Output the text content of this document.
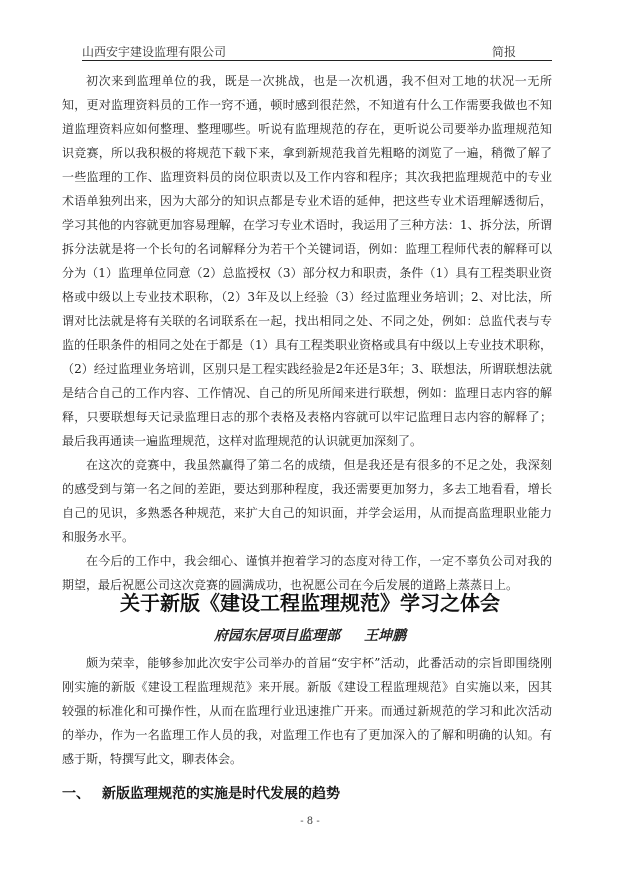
山西安宇建设监理有限公司	简报

初次来到监理单位的我，既是一次挑战，也是一次机遇，我不但对工地的状况一无所知，更对监理资料员的工作一窍不通，顿时感到很茫然，不知道有什么工作需要我做也不知道监理资料应如何整理、整理哪些。听说有监理规范的存在，更听说公司要举办监理规范知识竞赛，所以我积极的将规范下载下来，拿到新规范我首先粗略的浏览了一遍，稍微了解了一些监理的工作、监理资料员的岗位职责以及工作内容和程序；其次我把监理规范中的专业术语单独列出来，因为大部分的知识点都是专业术语的延伸，把这些专业术语理解透彻后，学习其他的内容就更加容易理解，在学习专业术语时，我运用了三种方法：1、拆分法，所谓拆分法就是将一个长句的名词解释分为若干个关键词语，例如：监理工程师代表的解释可以分为（1）监理单位同意（2）总监授权（3）部分权力和职责，条件（1）具有工程类职业资格或中级以上专业技术职称，（2）3年及以上经验（3）经过监理业务培训；2、对比法，所谓对比法就是将有关联的名词联系在一起，找出相同之处、不同之处，例如：总监代表与专监的任职条件的相同之处在于都是（1）具有工程类职业资格或具有中级以上专业技术职称，（2）经过监理业务培训，区别只是工程实践经验是2年还是3年；3、联想法，所谓联想法就是结合自己的工作内容、工作情况、自己的所见所闻来进行联想，例如：监理日志内容的解释，只要联想每天记录监理日志的那个表格及表格内容就可以牢记监理日志内容的解释了；最后我再通读一遍监理规范，这样对监理规范的认识就更加深刻了。

在这次的竞赛中，我虽然赢得了第二名的成绩，但是我还是有很多的不足之处，我深刻的感受到与第一名之间的差距，要达到那种程度，我还需要更加努力，多去工地看看，增长自己的见识，多熟悉各种规范，来扩大自己的知识面，并学会运用，从而提高监理职业能力和服务水平。

在今后的工作中，我会细心、谨慎并抱着学习的态度对待工作，一定不辜负公司对我的期望，最后祝愿公司这次竞赛的圆满成功，也祝愿公司在今后发展的道路上蒸蒸日上。

关于新版《建设工程监理规范》学习之体会
府园东居项目监理部 王坤鹏

颇为荣幸，能够参加此次安宇公司举办的首届“安宇杯”活动，此番活动的宗旨即围绕刚刚实施的新版《建设工程监理规范》来开展。新版《建设工程监理规范》自实施以来，因其较强的标准化和可操作性，从而在监理行业迅速推广开来。而通过新规范的学习和此次活动的举办，作为一名监理工作人员的我，对监理工作也有了更加深入的了解和明确的认知。有感于斯，特撰写此文，聊表体会。

一、 新版监理规范的实施是时代发展的趋势
- 8 -
